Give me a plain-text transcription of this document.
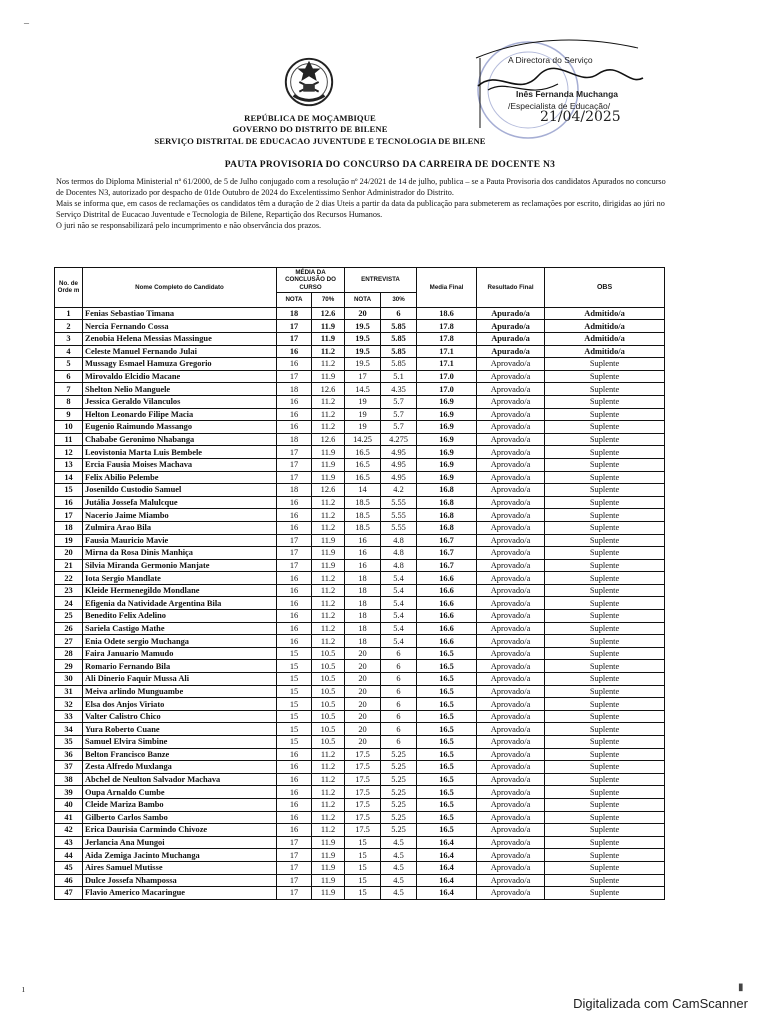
–
REPÚBLICA DE MOÇAMBIQUE
GOVERNO DO DISTRITO DE BILENE
SERVIÇO DISTRITAL DE EDUCACAO JUVENTUDE E TECNOLOGIA DE BILENE
A Directora do Serviço
Inês Fernanda Muchanga
/Especialista de Educação/
21/04/2025
PAUTA PROVISORIA DO CONCURSO DA CARREIRA DE DOCENTE N3

Nos termos do Diploma Ministerial nº 61/2000, de 5 de Julho conjugado com a resolução nº 24/2021 de 14 de julho, publica – se a Pauta Provisoria dos candidatos Apurados no concurso de Docentes N3, autorizado por despacho de 01de Outubro de 2024 do Excelentissimo Senhor Administrador do Distrito.

Mais se informa que, em casos de reclamações os candidatos têm a duração de 2 dias Uteis a partir da data da publicação para submeterem as reclamações por escrito, dirigidas ao júri no Serviço Distrital de Eucacao Juventude e Tecnologia de Bilene, Repartição dos Recursos Humanos.

O juri não se responsabilizará pelo incumprimento e não observância dos prazos.

No. de Orde m	Nome Completo do Candidato	MÉDIA DA CONCLUSÃO DO CURSO		ENTREVISTA		Media Final	Resultado Final	OBS
		NOTA	70%	NOTA	30%			
1	Fenias Sebastiao Timana	18	12.6	20	6	18.6	Apurado/a	Admitido/a
2	Nercia Fernando Cossa	17	11.9	19.5	5.85	17.8	Apurado/a	Admitido/a
3	Zenobia Helena Messias Massingue	17	11.9	19.5	5.85	17.8	Apurado/a	Admitido/a
4	Celeste Manuel Fernando Julai	16	11.2	19.5	5.85	17.1	Apurado/a	Admitido/a
5	Mussagy Esmael Hamuza Gregorio	16	11.2	19.5	5.85	17.1	Aprovado/a	Suplente
6	Mirovaldo Elcidio Macane	17	11.9	17	5.1	17.0	Aprovado/a	Suplente
7	Shelton Nelio Manguele	18	12.6	14.5	4.35	17.0	Aprovado/a	Suplente
8	Jessica Geraldo Vilanculos	16	11.2	19	5.7	16.9	Aprovado/a	Suplente
9	Helton Leonardo Filipe Macia	16	11.2	19	5.7	16.9	Aprovado/a	Suplente
10	Eugenio Raimundo Massango	16	11.2	19	5.7	16.9	Aprovado/a	Suplente
11	Chababe Geronimo Nhabanga	18	12.6	14.25	4.275	16.9	Aprovado/a	Suplente
12	Leovistonia Marta Luis Bembele	17	11.9	16.5	4.95	16.9	Aprovado/a	Suplente
13	Ercia Fausia Moises Machava	17	11.9	16.5	4.95	16.9	Aprovado/a	Suplente
14	Felix Abilio Pelembe	17	11.9	16.5	4.95	16.9	Aprovado/a	Suplente
15	Josenildo Custodio Samuel	18	12.6	14	4.2	16.8	Aprovado/a	Suplente
16	Jutália Jossefa Malulcque	16	11.2	18.5	5.55	16.8	Aprovado/a	Suplente
17	Nacerio Jaime Miambo	16	11.2	18.5	5.55	16.8	Aprovado/a	Suplente
18	Zulmira Arao Bila	16	11.2	18.5	5.55	16.8	Aprovado/a	Suplente
19	Fausia Mauricio Mavie	17	11.9	16	4.8	16.7	Aprovado/a	Suplente
20	Mirna da Rosa Dinis Manhiça	17	11.9	16	4.8	16.7	Aprovado/a	Suplente
21	Silvia Miranda Germonio Manjate	17	11.9	16	4.8	16.7	Aprovado/a	Suplente
22	Iota Sergio Mandlate	16	11.2	18	5.4	16.6	Aprovado/a	Suplente
23	Kleide Hermenegildo Mondlane	16	11.2	18	5.4	16.6	Aprovado/a	Suplente
24	Efigenia da Natividade Argentina Bila	16	11.2	18	5.4	16.6	Aprovado/a	Suplente
25	Benedito Felix Adelino	16	11.2	18	5.4	16.6	Aprovado/a	Suplente
26	Sariela Castigo Mathe	16	11.2	18	5.4	16.6	Aprovado/a	Suplente
27	Enia Odete sergio Muchanga	16	11.2	18	5.4	16.6	Aprovado/a	Suplente
28	Faira Januario Mamudo	15	10.5	20	6	16.5	Aprovado/a	Suplente
29	Romario Fernando Bila	15	10.5	20	6	16.5	Aprovado/a	Suplente
30	Ali Dinerio Faquir Mussa Ali	15	10.5	20	6	16.5	Aprovado/a	Suplente
31	Meiva arlindo Munguambe	15	10.5	20	6	16.5	Aprovado/a	Suplente
32	Elsa dos Anjos Viriato	15	10.5	20	6	16.5	Aprovado/a	Suplente
33	Valter Calistro Chico	15	10.5	20	6	16.5	Aprovado/a	Suplente
34	Yura Roberto Cuane	15	10.5	20	6	16.5	Aprovado/a	Suplente
35	Samuel Elvira Simbine	15	10.5	20	6	16.5	Aprovado/a	Suplente
36	Belton Francisco Banze	16	11.2	17.5	5.25	16.5	Aprovado/a	Suplente
37	Zesta Alfredo Muxlanga	16	11.2	17.5	5.25	16.5	Aprovado/a	Suplente
38	Abchel de Neulton Salvador Machava	16	11.2	17.5	5.25	16.5	Aprovado/a	Suplente
39	Oupa Arnaldo Cumbe	16	11.2	17.5	5.25	16.5	Aprovado/a	Suplente
40	Cleide Mariza Bambo	16	11.2	17.5	5.25	16.5	Aprovado/a	Suplente
41	Gilberto Carlos Sambo	16	11.2	17.5	5.25	16.5	Aprovado/a	Suplente
42	Erica Daurisia Carmindo Chivoze	16	11.2	17.5	5.25	16.5	Aprovado/a	Suplente
43	Jerlancia Ana Mungoi	17	11.9	15	4.5	16.4	Aprovado/a	Suplente
44	Aida Zemiga Jacinto Muchanga	17	11.9	15	4.5	16.4	Aprovado/a	Suplente
45	Aires Samuel Mutisse	17	11.9	15	4.5	16.4	Aprovado/a	Suplente
46	Dulce Jossefa Nhampossa	17	11.9	15	4.5	16.4	Aprovado/a	Suplente
47	Flavio Americo Macaringue	17	11.9	15	4.5	16.4	Aprovado/a	Suplente
ı	▮
Digitalizada com CamScanner
